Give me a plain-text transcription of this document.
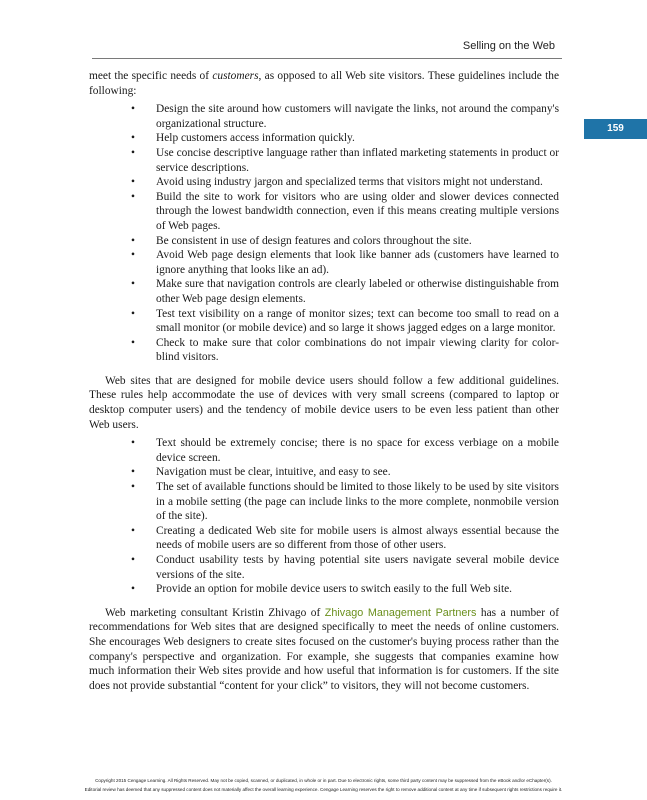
Selling on the Web
159

meet the specific needs of customers, as opposed to all Web site visitors. These guidelines include the following:

• Design the site around how customers will navigate the links, not around the company's organizational structure.
• Help customers access information quickly.
• Use concise descriptive language rather than inflated marketing statements in product or service descriptions.
• Avoid using industry jargon and specialized terms that visitors might not understand.
• Build the site to work for visitors who are using older and slower devices connected through the lowest bandwidth connection, even if this means creating multiple versions of Web pages.
• Be consistent in use of design features and colors throughout the site.
• Avoid Web page design elements that look like banner ads (customers have learned to ignore anything that looks like an ad).
• Make sure that navigation controls are clearly labeled or otherwise distinguishable from other Web page design elements.
• Test text visibility on a range of monitor sizes; text can become too small to read on a small monitor (or mobile device) and so large it shows jagged edges on a large monitor.
• Check to make sure that color combinations do not impair viewing clarity for color-blind visitors.

Web sites that are designed for mobile device users should follow a few additional guidelines. These rules help accommodate the use of devices with very small screens (compared to laptop or desktop computer users) and the tendency of mobile device users to be even less patient than other Web users.

• Text should be extremely concise; there is no space for excess verbiage on a mobile device screen.
• Navigation must be clear, intuitive, and easy to see.
• The set of available functions should be limited to those likely to be used by site visitors in a mobile setting (the page can include links to the more complete, nonmobile version of the site).
• Creating a dedicated Web site for mobile users is almost always essential because the needs of mobile users are so different from those of other users.
• Conduct usability tests by having potential site users navigate several mobile device versions of the site.
• Provide an option for mobile device users to switch easily to the full Web site.

Web marketing consultant Kristin Zhivago of Zhivago Management Partners has a number of recommendations for Web sites that are designed specifically to meet the needs of online customers. She encourages Web designers to create sites focused on the customer's buying process rather than the company's perspective and organization. For example, she suggests that companies examine how much information their Web sites provide and how useful that information is for customers. If the site does not provide substantial “content for your click” to visitors, they will not become customers.

Copyright 2015 Cengage Learning. All Rights Reserved. May not be copied, scanned, or duplicated, in whole or in part. Due to electronic rights, some third party content may be suppressed from the eBook and/or eChapter(s).
Editorial review has deemed that any suppressed content does not materially affect the overall learning experience. Cengage Learning reserves the right to remove additional content at any time if subsequent rights restrictions require it.
